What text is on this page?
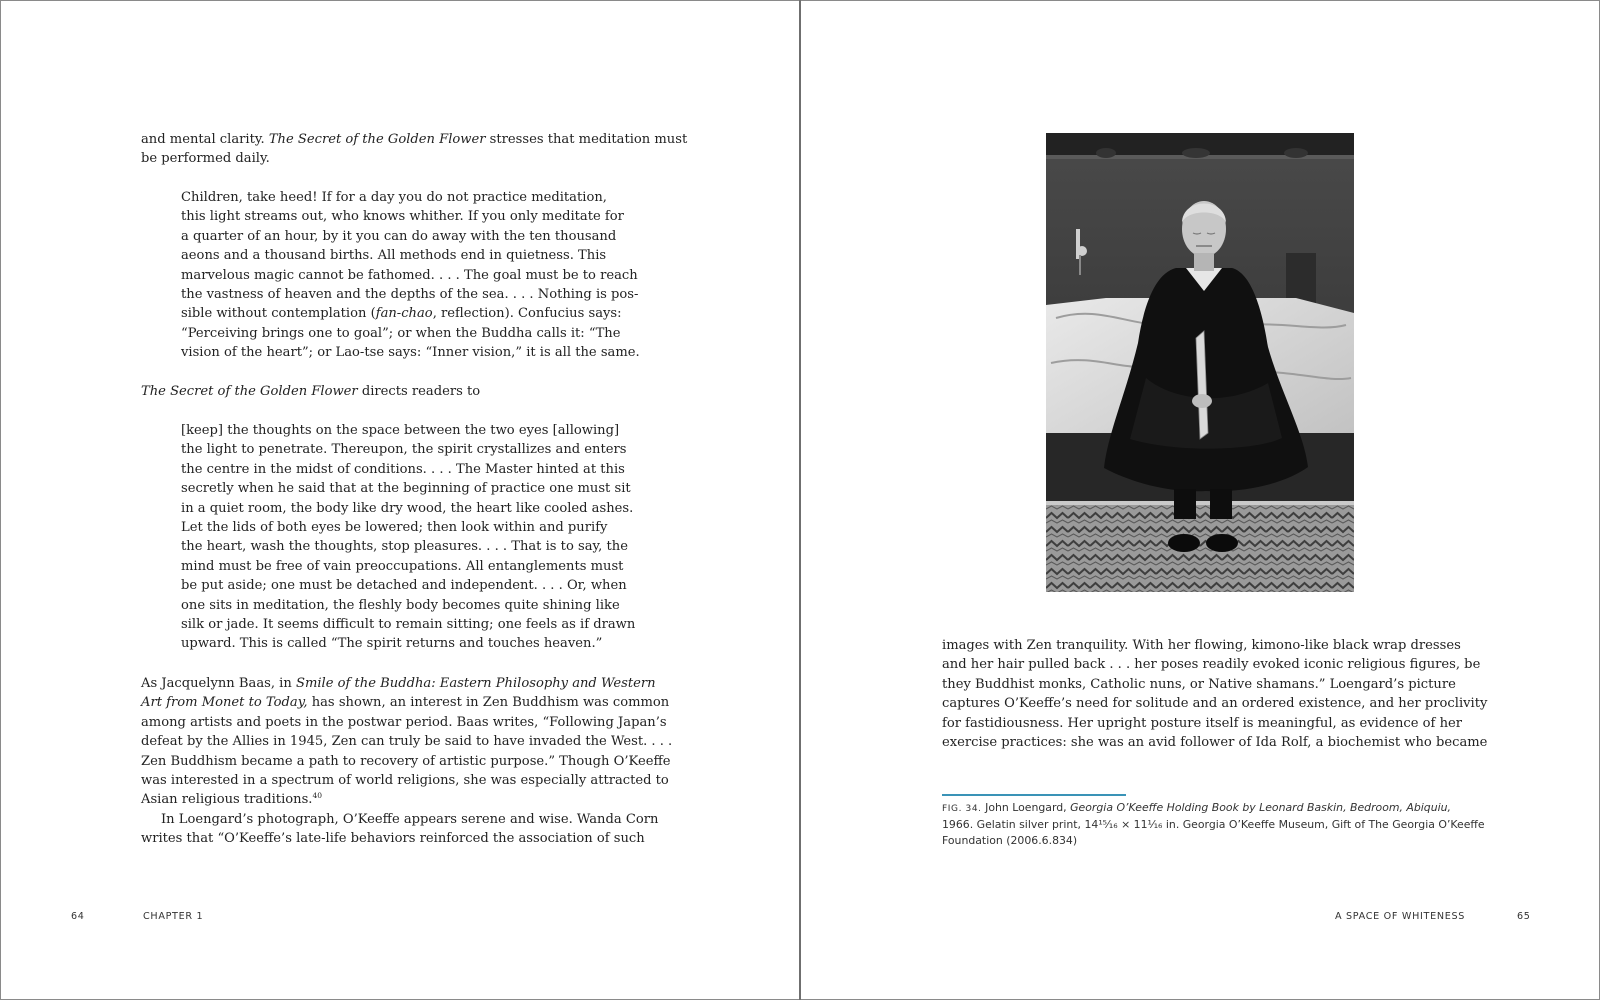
and mental clarity. The Secret of the Golden Flower stresses that meditation must
be performed daily.
Children, take heed! If for a day you do not practice meditation,
this light streams out, who knows whither. If you only meditate for
a quarter of an hour, by it you can do away with the ten thousand
aeons and a thousand births. All methods end in quietness. This
marvelous magic cannot be fathomed. . . . The goal must be to reach
the vastness of heaven and the depths of the sea. . . . Nothing is pos-
sible without contemplation (fan-chao, reflection). Confucius says:
“Perceiving brings one to goal”; or when the Buddha calls it: “The
vision of the heart”; or Lao-tse says: “Inner vision,” it is all the same.
The Secret of the Golden Flower directs readers to
[keep] the thoughts on the space between the two eyes [allowing]
the light to penetrate. Thereupon, the spirit crystallizes and enters
the centre in the midst of conditions. . . . The Master hinted at this
secretly when he said that at the beginning of practice one must sit
in a quiet room, the body like dry wood, the heart like cooled ashes.
Let the lids of both eyes be lowered; then look within and purify
the heart, wash the thoughts, stop pleasures. . . . That is to say, the
mind must be free of vain preoccupations. All entanglements must
be put aside; one must be detached and independent. . . . Or, when
one sits in meditation, the fleshly body becomes quite shining like
silk or jade. It seems difficult to remain sitting; one feels as if drawn
upward. This is called “The spirit returns and touches heaven.”
As Jacquelynn Baas, in Smile of the Buddha: Eastern Philosophy and Western
Art from Monet to Today, has shown, an interest in Zen Buddhism was common
among artists and poets in the postwar period. Baas writes, “Following Japan’s
defeat by the Allies in 1945, Zen can truly be said to have invaded the West. . . .
Zen Buddhism became a path to recovery of artistic purpose.” Though O’Keeffe
was interested in a spectrum of world religions, she was especially attracted to
Asian religious traditions.$^{40}$
In Loengard’s photograph, O’Keeffe appears serene and wise. Wanda Corn
writes that “O’Keeffe’s late-life behaviors reinforced the association of such
64	CHAPTER 1
images with Zen tranquility. With her flowing, kimono-like black wrap dresses
and her hair pulled back . . . her poses readily evoked iconic religious figures, be
they Buddhist monks, Catholic nuns, or Native shamans.” Loengard’s picture
captures O’Keeffe’s need for solitude and an ordered existence, and her proclivity
for fastidiousness. Her upright posture itself is meaningful, as evidence of her
exercise practices: she was an avid follower of Ida Rolf, a biochemist who became
FIG. 34. John Loengard, Georgia O’Keeffe Holding Book by Leonard Baskin, Bedroom, Abiquiu,
1966. Gelatin silver print, 14¹⁵⁄₁₆ × 11¹⁄₁₆ in. Georgia O’Keeffe Museum, Gift of The Georgia O’Keeffe
Foundation (2006.6.834)
A SPACE OF WHITENESS	65
